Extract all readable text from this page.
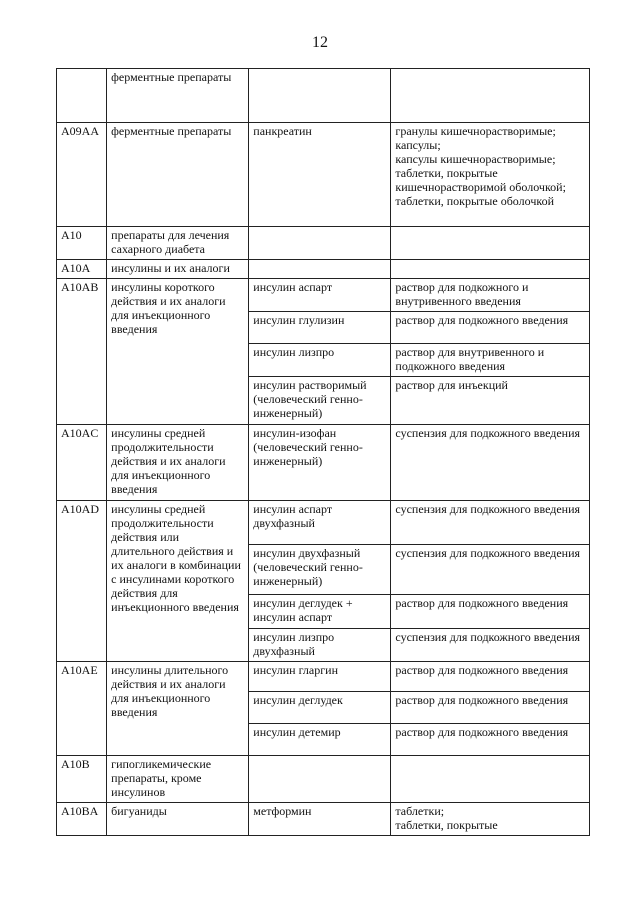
12
	ферментные препараты		
A09AA	ферментные препараты	панкреатин	гранулы кишечнорастворимые;
капсулы;
капсулы кишечнорастворимые;
таблетки, покрытые кишечнорастворимой оболочкой;
таблетки, покрытые оболочкой
A10	препараты для лечения сахарного диабета		
A10A	инсулины и их аналоги		
A10AB	инсулины короткого действия и их аналоги для инъекционного введения	инсулин аспарт	раствор для подкожного и внутривенного введения
		инсулин глулизин	раствор для подкожного введения
		инсулин лизпро	раствор для внутривенного и подкожного введения
		инсулин растворимый (человеческий генно-инженерный)	раствор для инъекций
A10AC	инсулины средней продолжительности действия и их аналоги для инъекционного введения	инсулин-изофан (человеческий генно-инженерный)	суспензия для подкожного введения
A10AD	инсулины средней продолжительности действия или длительного действия и их аналоги в комбинации с инсулинами короткого действия для инъекционного введения	инсулин аспарт двухфазный	суспензия для подкожного введения
		инсулин двухфазный (человеческий генно-инженерный)	суспензия для подкожного введения
		инсулин деглудек + инсулин аспарт	раствор для подкожного введения
		инсулин лизпро двухфазный	суспензия для подкожного введения
A10AE	инсулины длительного действия и их аналоги для инъекционного введения	инсулин гларгин	раствор для подкожного введения
		инсулин деглудек	раствор для подкожного введения
		инсулин детемир	раствор для подкожного введения
A10B	гипогликемические препараты, кроме инсулинов		
A10BA	бигуаниды	метформин	таблетки;
таблетки, покрытые
